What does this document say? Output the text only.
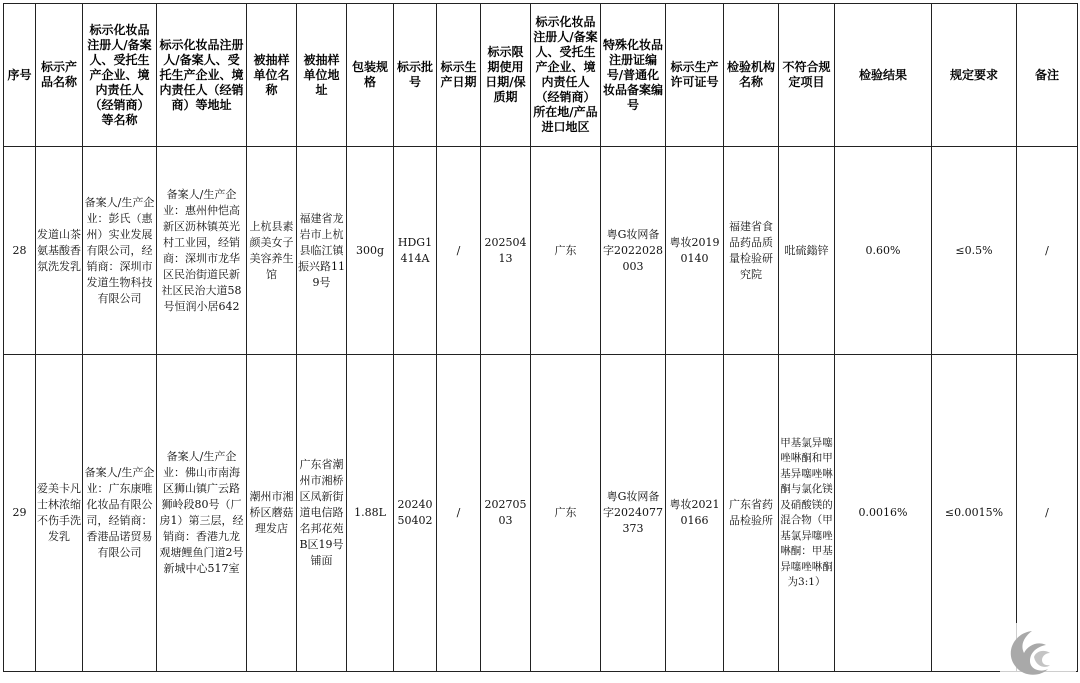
序号	标示产品名称	标示化妆品注册人/备案人、受托生产企业、境内责任人（经销商）等名称	标示化妆品注册人/备案人、受托生产企业、境内责任人（经销商）等地址	被抽样单位名称	被抽样单位地址	包装规格	标示批号	标示生产日期	标示限期使用日期/保质期	标示化妆品注册人/备案人、受托生产企业、境内责任人（经销商）所在地/产品进口地区	特殊化妆品注册证编号/普通化妆品备案编号	标示生产许可证号	检验机构名称	不符合规定项目	检验结果	规定要求	备注
28	发道山茶氨基酸香氛洗发乳	备案人/生产企业：彭氏（惠州）实业发展有限公司，经销商：深圳市发道生物科技有限公司	备案人/生产企业：惠州仲恺高新区沥林镇英光村工业园，经销商：深圳市龙华区民治街道民新社区民治大道58号恒润小居642	上杭县素颜美女子美容养生馆	福建省龙岩市上杭县临江镇振兴路119号	300g	HDG1414A	/	20250413	广东	粤G妆网备字2022028003	粤妆20190140	福建省食品药品质量检验研究院	吡硫鎓锌	0.60%	≤0.5%	/
29	爱美卡凡士林浓缩不伤手洗发乳	备案人/生产企业：广东康唯化妆品有限公司，经销商：香港品诺贸易有限公司	备案人/生产企业：佛山市南海区狮山镇广云路狮岭段80号（厂房1）第三层，经销商：香港九龙观塘鲤鱼门道2号新城中心517室	潮州市湘桥区蘑菇理发店	广东省潮州市湘桥区凤新街道电信路名邦花苑B区19号铺面	1.88L	2024050402	/	20270503	广东	粤G妆网备字2024077373	粤妆20210166	广东省药品检验所	甲基氯异噻唑啉酮和甲基异噻唑啉酮与氯化镁及硝酸镁的混合物（甲基氯异噻唑啉酮：甲基异噻唑啉酮为3:1）	0.0016%	≤0.0015%	/
